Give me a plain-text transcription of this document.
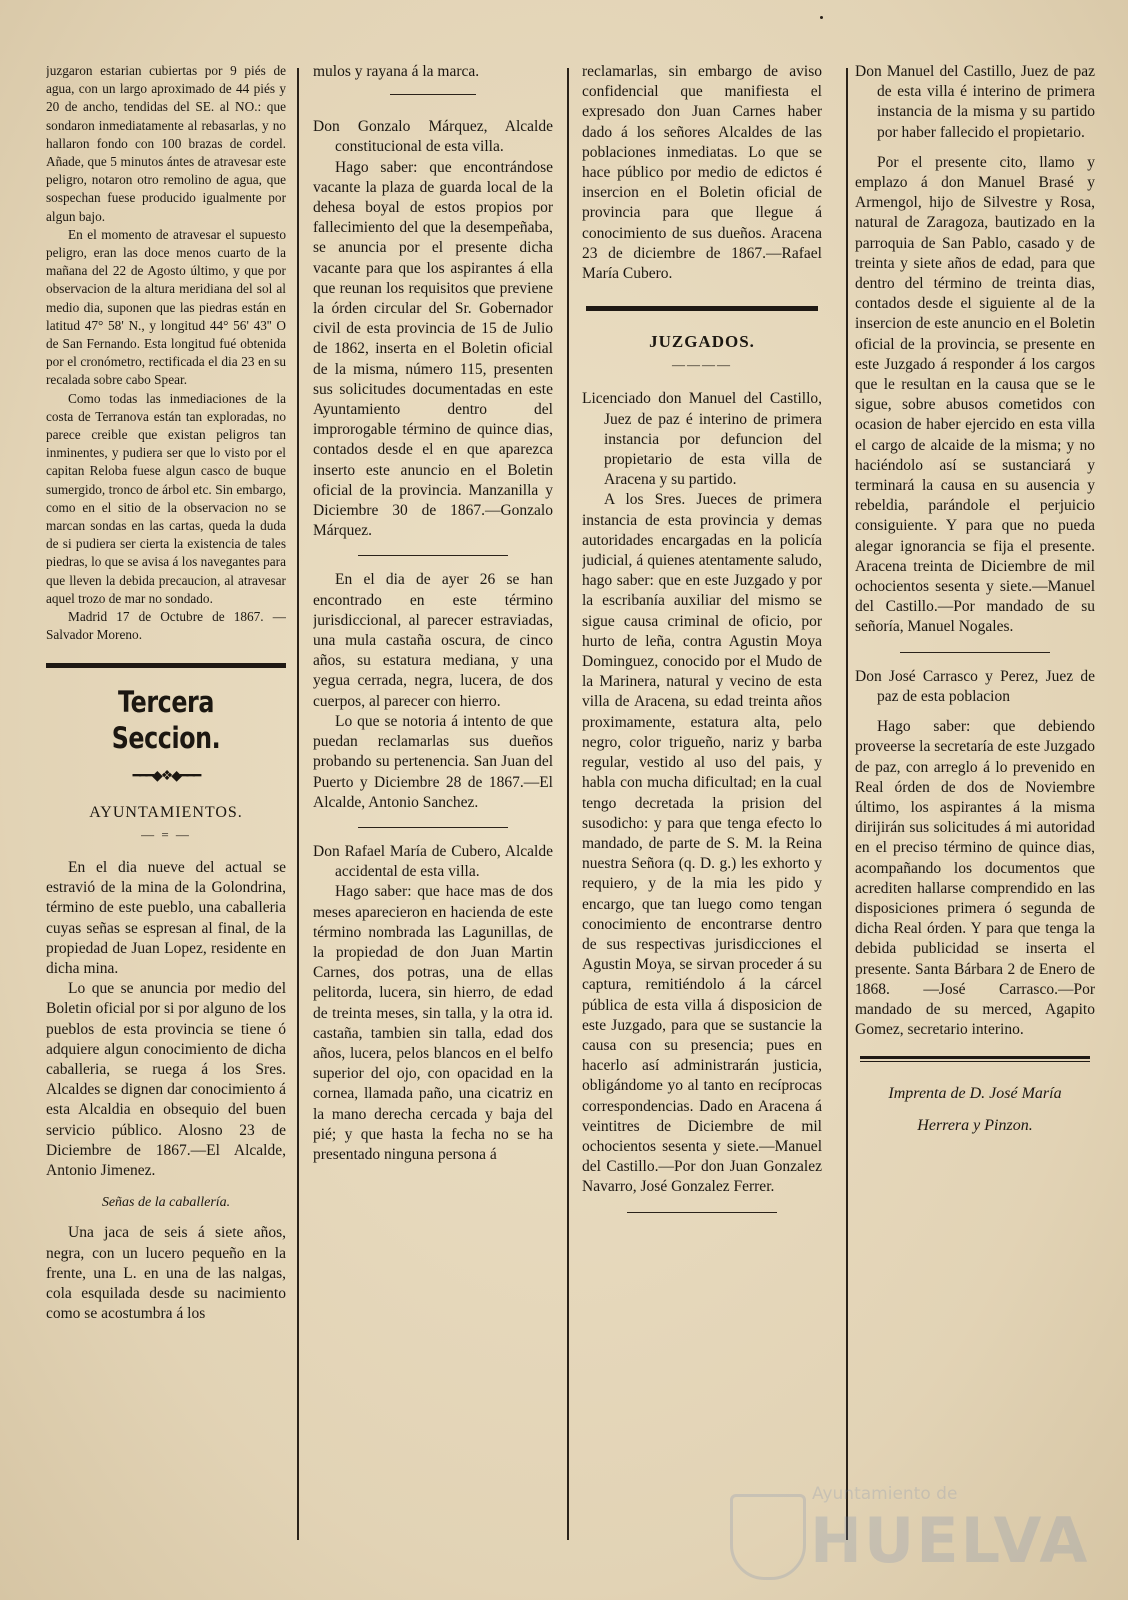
juzgaron estarian cubiertas por 9 piés de agua, con un largo aproximado de 44 piés y 20 de ancho, tendidas del SE. al NO.: que sondaron inmediatamente al rebasarlas, y no hallaron fondo con 100 brazas de cordel. Añade, que 5 minutos ántes de atravesar este peligro, notaron otro remolino de agua, que sospechan fuese producido igualmente por algun bajo.

En el momento de atravesar el supuesto peligro, eran las doce menos cuarto de la mañana del 22 de Agosto último, y que por observacion de la altura meridiana del sol al medio dia, suponen que las piedras están en latitud 47° 58' N., y longitud 44° 56' 43'' O de San Fernando. Esta longitud fué obtenida por el cronómetro, rectificada el dia 23 en su recalada sobre cabo Spear.

Como todas las inmediaciones de la costa de Terranova están tan exploradas, no parece creible que existan peligros tan inminentes, y pudiera ser que lo visto por el capitan Reloba fuese algun casco de buque sumergido, tronco de árbol etc. Sin embargo, como en el sitio de la observacion no se marcan sondas en las cartas, queda la duda de si pudiera ser cierta la existencia de tales piedras, lo que se avisa á los navegantes para que lleven la debida precaucion, al atravesar aquel trozo de mar no sondado.

Madrid 17 de Octubre de 1867. —Salvador Moreno.

Tercera Seccion.
━━━◆❖◆━━━
AYUNTAMIENTOS.
— = —

En el dia nueve del actual se estravió de la mina de la Golondrina, término de este pueblo, una caballeria cuyas señas se espresan al final, de la propiedad de Juan Lopez, residente en dicha mina.

Lo que se anuncia por medio del Boletin oficial por si por alguno de los pueblos de esta provincia se tiene ó adquiere algun conocimiento de dicha caballeria, se ruega á los Sres. Alcaldes se dignen dar conocimiento á esta Alcaldia en obsequio del buen servicio público. Alosno 23 de Diciembre de 1867.—El Alcalde, Antonio Jimenez.

Señas de la caballería.

Una jaca de seis á siete años, negra, con un lucero pequeño en la frente, una L. en una de las nalgas, cola esquilada desde su nacimiento como se acostumbra á los

mulos y rayana á la marca.

Don Gonzalo Márquez, Alcalde constitucional de esta villa.

Hago saber: que encontrándose vacante la plaza de guarda local de la dehesa boyal de estos propios por fallecimiento del que la desempeñaba, se anuncia por el presente dicha vacante para que los aspirantes á ella que reunan los requisitos que previene la órden circular del Sr. Gobernador civil de esta provincia de 15 de Julio de 1862, inserta en el Boletin oficial de la misma, número 115, presenten sus solicitudes documentadas en este Ayuntamiento dentro del improrogable término de quince dias, contados desde el en que aparezca inserto este anuncio en el Boletin oficial de la provincia. Manzanilla y Diciembre 30 de 1867.—Gonzalo Márquez.

En el dia de ayer 26 se han encontrado en este término jurisdiccional, al parecer estraviadas, una mula castaña oscura, de cinco años, su estatura mediana, y una yegua cerrada, negra, lucera, de dos cuerpos, al parecer con hierro.

Lo que se notoria á intento de que puedan reclamarlas sus dueños probando su pertenencia. San Juan del Puerto y Diciembre 28 de 1867.—El Alcalde, Antonio Sanchez.

Don Rafael María de Cubero, Alcalde accidental de esta villa.

Hago saber: que hace mas de dos meses aparecieron en hacienda de este término nombrada las Lagunillas, de la propiedad de don Juan Martin Carnes, dos potras, una de ellas pelitorda, lucera, sin hierro, de edad de treinta meses, sin talla, y la otra id. castaña, tambien sin talla, edad dos años, lucera, pelos blancos en el belfo superior del ojo, con opacidad en la cornea, llamada paño, una cicatriz en la mano derecha cercada y baja del pié; y que hasta la fecha no se ha presentado ninguna persona á

reclamarlas, sin embargo de aviso confidencial que manifiesta el expresado don Juan Carnes haber dado á los señores Alcaldes de las poblaciones inmediatas. Lo que se hace público por medio de edictos é insercion en el Boletin oficial de provincia para que llegue á conocimiento de sus dueños. Aracena 23 de diciembre de 1867.—Rafael María Cubero.

JUZGADOS.
————

Licenciado don Manuel del Castillo, Juez de paz é interino de primera instancia por defuncion del propietario de esta villa de Aracena y su partido.

A los Sres. Jueces de primera instancia de esta provincia y demas autoridades encargadas en la policía judicial, á quienes atentamente saludo, hago saber: que en este Juzgado y por la escribanía auxiliar del mismo se sigue causa criminal de oficio, por hurto de leña, contra Agustin Moya Dominguez, conocido por el Mudo de la Marinera, natural y vecino de esta villa de Aracena, su edad treinta años proximamente, estatura alta, pelo negro, color trigueño, nariz y barba regular, vestido al uso del pais, y habla con mucha dificultad; en la cual tengo decretada la prision del susodicho: y para que tenga efecto lo mandado, de parte de S. M. la Reina nuestra Señora (q. D. g.) les exhorto y requiero, y de la mia les pido y encargo, que tan luego como tengan conocimiento de encontrarse dentro de sus respectivas jurisdicciones el Agustin Moya, se sirvan proceder á su captura, remitiéndolo á la cárcel pública de esta villa á disposicion de este Juzgado, para que se sustancie la causa con su presencia; pues en hacerlo así administrarán justicia, obligándome yo al tanto en recíprocas correspondencias. Dado en Aracena á veintitres de Diciembre de mil ochocientos sesenta y siete.—Manuel del Castillo.—Por don Juan Gonzalez Navarro, José Gonzalez Ferrer.

Don Manuel del Castillo, Juez de paz de esta villa é interino de primera instancia de la misma y su partido por haber fallecido el propietario.

Por el presente cito, llamo y emplazo á don Manuel Brasé y Armengol, hijo de Silvestre y Rosa, natural de Zaragoza, bautizado en la parroquia de San Pablo, casado y de treinta y siete años de edad, para que dentro del término de treinta dias, contados desde el siguiente al de la insercion de este anuncio en el Boletin oficial de la provincia, se presente en este Juzgado á responder á los cargos que le resultan en la causa que se le sigue, sobre abusos cometidos con ocasion de haber ejercido en esta villa el cargo de alcaide de la misma; y no haciéndolo así se sustanciará y terminará la causa en su ausencia y rebeldia, parándole el perjuicio consiguiente. Y para que no pueda alegar ignorancia se fija el presente. Aracena treinta de Diciembre de mil ochocientos sesenta y siete.—Manuel del Castillo.—Por mandado de su señoría, Manuel Nogales.

Don José Carrasco y Perez, Juez de paz de esta poblacion

Hago saber: que debiendo proveerse la secretaría de este Juzgado de paz, con arreglo á lo prevenido en Real órden de dos de Noviembre último, los aspirantes á la misma dirijirán sus solicitudes á mi autoridad en el preciso término de quince dias, acompañando los documentos que acrediten hallarse comprendido en las disposiciones primera ó segunda de dicha Real órden. Y para que tenga la debida publicidad se inserta el presente. Santa Bárbara 2 de Enero de 1868. —José Carrasco.—Por mandado de su merced, Agapito Gomez, secretario interino.

Imprenta de D. José María
Herrera y Pinzon.
Ayuntamiento de
HUELVA
